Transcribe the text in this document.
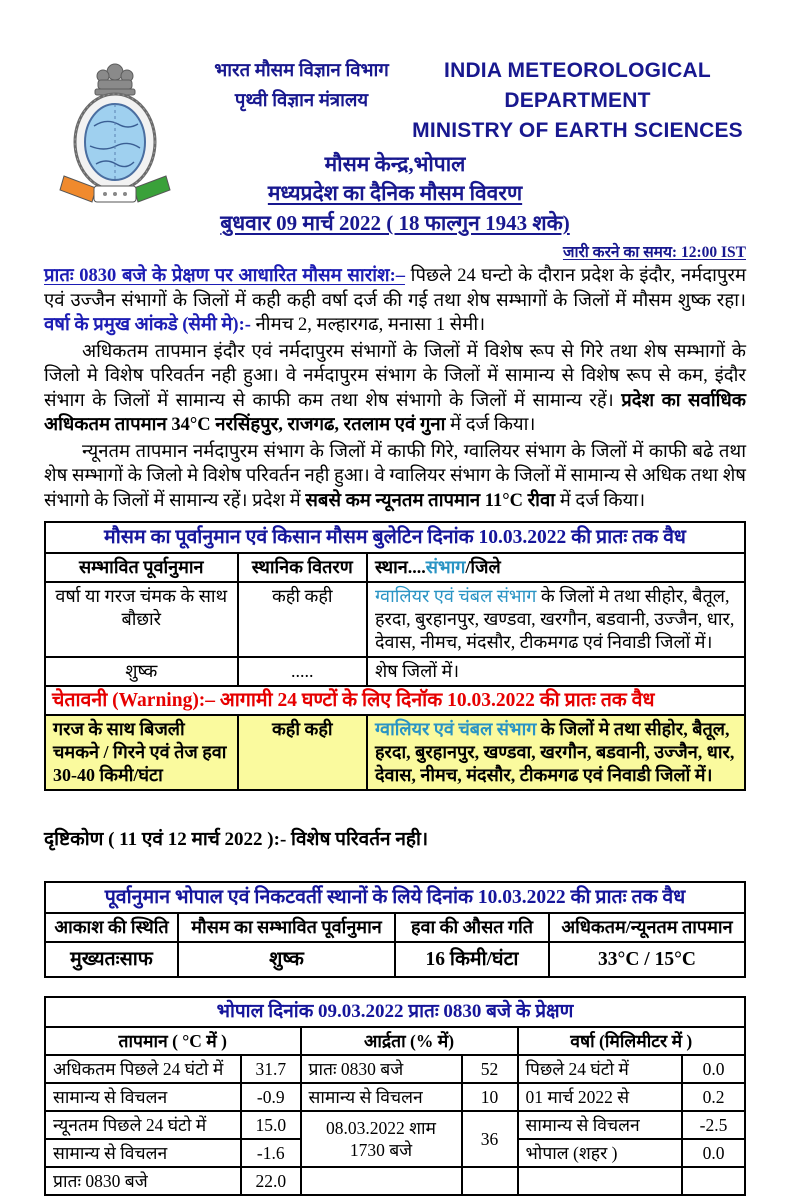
भारत मौसम विज्ञान विभाग
पृथ्वी विज्ञान मंत्रालय
INDIA METEOROLOGICAL DEPARTMENT
MINISTRY OF EARTH SCIENCES
मौसम केन्द्र,भोपाल
मध्यप्रदेश का दैनिक मौसम विवरण
बुधवार 09 मार्च 2022 ( 18 फाल्गुन 1943 शके)
जारी करने का समय: 12:00 IST

प्रातः 0830 बजे के प्रेक्षण पर आधारित मौसम सारांश:– पिछले 24 घन्टो के दौरान प्रदेश के इंदौर, नर्मदापुरम एवं उज्जैन संभागों के जिलों में कही कही वर्षा दर्ज की गई तथा शेष सम्भागों के जिलों में मौसम शुष्क रहा। वर्षा के प्रमुख आंकडे (सेमी मे):- नीमच 2, मल्हारगढ, मनासा 1 सेमी।

अधिकतम तापमान इंदौर एवं नर्मदापुरम संभागों के जिलों में विशेष रूप से गिरे तथा शेष सम्भागों के जिलो मे विशेष परिवर्तन नही हुआ। वे नर्मदापुरम संभाग के जिलों में सामान्य से विशेष रूप से कम, इंदौर संभाग के जिलों में सामान्य से काफी कम तथा शेष संभागो के जिलों में सामान्य रहें। प्रदेश का सर्वाधिक अधिकतम तापमान 34°C नरसिंहपुर, राजगढ, रतलाम एवं गुना में दर्ज किया।

न्यूनतम तापमान नर्मदापुरम संभाग के जिलों में काफी गिरे, ग्वालियर संभाग के जिलों में काफी बढे तथा शेष सम्भागों के जिलो मे विशेष परिवर्तन नही हुआ। वे ग्वालियर संभाग के जिलों में सामान्य से अधिक तथा शेष संभागो के जिलों में सामान्य रहें। प्रदेश में सबसे कम न्यूनतम तापमान 11°C रीवा में दर्ज किया।

मौसम का पूर्वानुमान एवं किसान मौसम बुलेटिन दिनांक 10.03.2022 की प्रातः तक वैध		
सम्भावित पूर्वानुमान	स्थानिक वितरण	स्थान....संभाग/जिले
वर्षा या गरज चंमक के साथ बौछारे	कही कही	ग्वालियर एवं चंबल संभाग के जिलों मे तथा सीहोर, बैतूल, हरदा, बुरहानपुर, खण्डवा, खरगौन, बडवानी, उज्जैन, धार, देवास, नीमच, मंदसौर, टीकमगढ एवं निवाडी जिलों में।
शुष्क	.....	शेष जिलों में।
चेतावनी (Warning):– आगामी 24 घण्टों के लिए दिनॉक 10.03.2022 की प्रातः तक वैध		
गरज के साथ बिजली चमकने / गिरने एवं तेज हवा 30-40 किमी/घंटा	कही कही	ग्वालियर एवं चंबल संभाग के जिलों मे तथा सीहोर, बैतूल, हरदा, बुरहानपुर, खण्डवा, खरगौन, बडवानी, उज्जैन, धार, देवास, नीमच, मंदसौर, टीकमगढ एवं निवाडी जिलों में।

दृष्टिकोण ( 11 एवं 12 मार्च 2022 ):- विशेष परिवर्तन नही।

पूर्वानुमान भोपाल एवं निकटवर्ती स्थानों के लिये दिनांक 10.03.2022 की प्रातः तक वैध			
आकाश की स्थिति	मौसम का सम्भावित पूर्वानुमान	हवा की औसत गति	अधिकतम/न्यूनतम तापमान
मुख्यतःसाफ	शुष्क	16 किमी/घंटा	33°C / 15°C
भोपाल दिनांक 09.03.2022 प्रातः 0830 बजे के प्रेक्षण					
तापमान ( °C में )		आर्द्रता (% में)		वर्षा (मिलिमीटर में )	
अधिकतम पिछले 24 घंटो में	31.7	प्रातः 0830 बजे	52	पिछले 24 घंटो में	0.0
सामान्य से विचलन	-0.9	सामान्य से विचलन	10	01 मार्च 2022 से	0.2
न्यूनतम पिछले 24 घंटो में	15.0	08.03.2022 शाम 1730 बजे	36	सामान्य से विचलन	-2.5
सामान्य से विचलन	-1.6			भोपाल (शहर )	0.0
प्रातः 0830 बजे	22.0				
